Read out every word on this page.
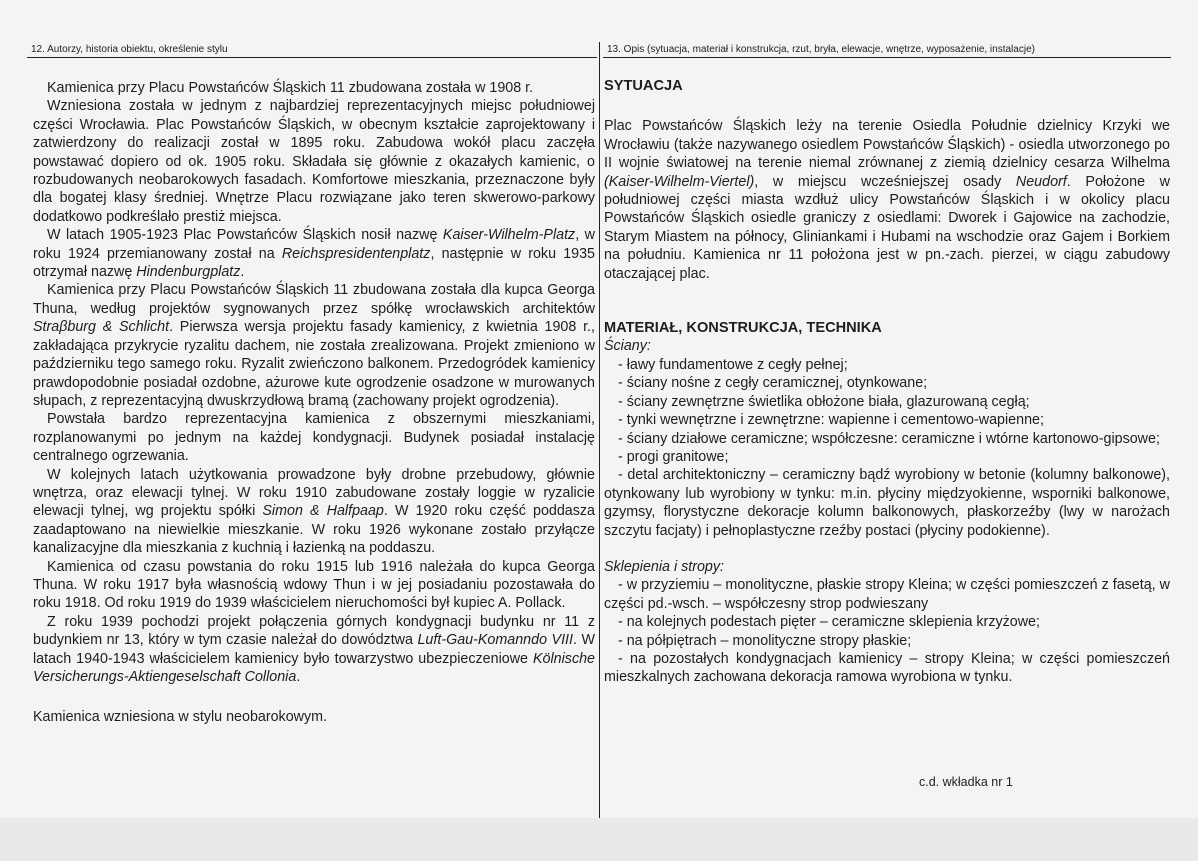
12. Autorzy, historia obiektu, określenie stylu	13. Opis (sytuacja, materiał i konstrukcja, rzut, bryła, elewacje, wnętrze, wyposażenie, instalacje)

Kamienica przy Placu Powstańców Śląskich 11 zbudowana została w 1908 r.

Wzniesiona została w jednym z najbardziej reprezentacyjnych miejsc południowej części Wrocławia. Plac Powstańców Śląskich, w obecnym kształcie zaprojektowany i zatwierdzony do realizacji został w 1895 roku. Zabudowa wokół placu zaczęła powstawać dopiero od ok. 1905 roku. Składała się głównie z okazałych kamienic, o rozbudowanych neobarokowych fasadach. Komfortowe mieszkania, przeznaczone były dla bogatej klasy średniej. Wnętrze Placu rozwiązane jako teren skwerowo-parkowy dodatkowo podkreślało prestiż miejsca.

W latach 1905-1923 Plac Powstańców Śląskich nosił nazwę Kaiser-Wilhelm-Platz, w roku 1924 przemianowany został na Reichspresidentenplatz, następnie w roku 1935 otrzymał nazwę Hindenburgplatz.

Kamienica przy Placu Powstańców Śląskich 11 zbudowana została dla kupca Georga Thuna, według projektów sygnowanych przez spółkę wrocławskich architektów Straβburg & Schlicht. Pierwsza wersja projektu fasady kamienicy, z kwietnia 1908 r., zakładająca przykrycie ryzalitu dachem, nie została zrealizowana. Projekt zmieniono w październiku tego samego roku. Ryzalit zwieńczono balkonem. Przedogródek kamienicy prawdopodobnie posiadał ozdobne, ażurowe kute ogrodzenie osadzone w murowanych słupach, z reprezentacyjną dwuskrzydłową bramą (zachowany projekt ogrodzenia).

Powstała bardzo reprezentacyjna kamienica z obszernymi mieszkaniami, rozplanowanymi po jednym na każdej kondygnacji. Budynek posiadał instalację centralnego ogrzewania.

W kolejnych latach użytkowania prowadzone były drobne przebudowy, głównie wnętrza, oraz elewacji tylnej. W roku 1910 zabudowane zostały loggie w ryzalicie elewacji tylnej, wg projektu spółki Simon & Halfpaap. W 1920 roku część poddasza zaadaptowano na niewielkie mieszkanie. W roku 1926 wykonane zostało przyłącze kanalizacyjne dla mieszkania z kuchnią i łazienką na poddaszu.

Kamienica od czasu powstania do roku 1915 lub 1916 należała do kupca Georga Thuna. W roku 1917 była własnością wdowy Thun i w jej posiadaniu pozostawała do roku 1918. Od roku 1919 do 1939 właścicielem nieruchomości był kupiec A. Pollack.

Z roku 1939 pochodzi projekt połączenia górnych kondygnacji budynku nr 11 z budynkiem nr 13, który w tym czasie należał do dowództwa Luft-Gau-Komanndo VIII. W latach 1940-1943 właścicielem kamienicy było towarzystwo ubezpieczeniowe Kölnische Versicherungs-Aktiengeselschaft Collonia.

Kamienica wzniesiona w stylu neobarokowym.

SYTUACJA

Plac Powstańców Śląskich leży na terenie Osiedla Południe dzielnicy Krzyki we Wrocławiu (także nazywanego osiedlem Powstańców Śląskich) - osiedla utworzonego po II wojnie światowej na terenie niemal zrównanej z ziemią dzielnicy cesarza Wilhelma (Kaiser-Wilhelm-Viertel), w miejscu wcześniejszej osady Neudorf. Położone w południowej części miasta wzdłuż ulicy Powstańców Śląskich i w okolicy placu Powstańców Śląskich osiedle graniczy z osiedlami: Dworek i Gajowice na zachodzie, Starym Miastem na północy, Gliniankami i Hubami na wschodzie oraz Gajem i Borkiem na południu. Kamienica nr 11 położona jest w pn.-zach. pierzei, w ciągu zabudowy otaczającej plac.

MATERIAŁ, KONSTRUKCJA, TECHNIKA

Ściany:

- ławy fundamentowe z cegły pełnej;

- ściany nośne z cegły ceramicznej, otynkowane;

- ściany zewnętrzne świetlika obłożone biała, glazurowaną cegłą;

- tynki wewnętrzne i zewnętrzne: wapienne i cementowo-wapienne;

- ściany działowe ceramiczne; współczesne: ceramiczne i wtórne kartonowo-gipsowe;

- progi granitowe;

- detal architektoniczny – ceramiczny bądź wyrobiony w betonie (kolumny balkonowe), otynkowany lub wyrobiony w tynku: m.in. płyciny międzyokienne, wsporniki balkonowe, gzymsy, florystyczne dekoracje kolumn balkonowych, płaskorzeźby (lwy w narożach szczytu facjaty) i pełnoplastyczne rzeźby postaci (płyciny podokienne).

Sklepienia i stropy:

- w przyziemiu – monolityczne, płaskie stropy Kleina; w części pomieszczeń z fasetą, w części pd.-wsch. – współczesny strop podwieszany

- na kolejnych podestach pięter – ceramiczne sklepienia krzyżowe;

- na półpiętrach – monolityczne stropy płaskie;

- na pozostałych kondygnacjach kamienicy – stropy Kleina; w części pomieszczeń mieszkalnych zachowana dekoracja ramowa wyrobiona w tynku.

c.d. wkładka nr 1
